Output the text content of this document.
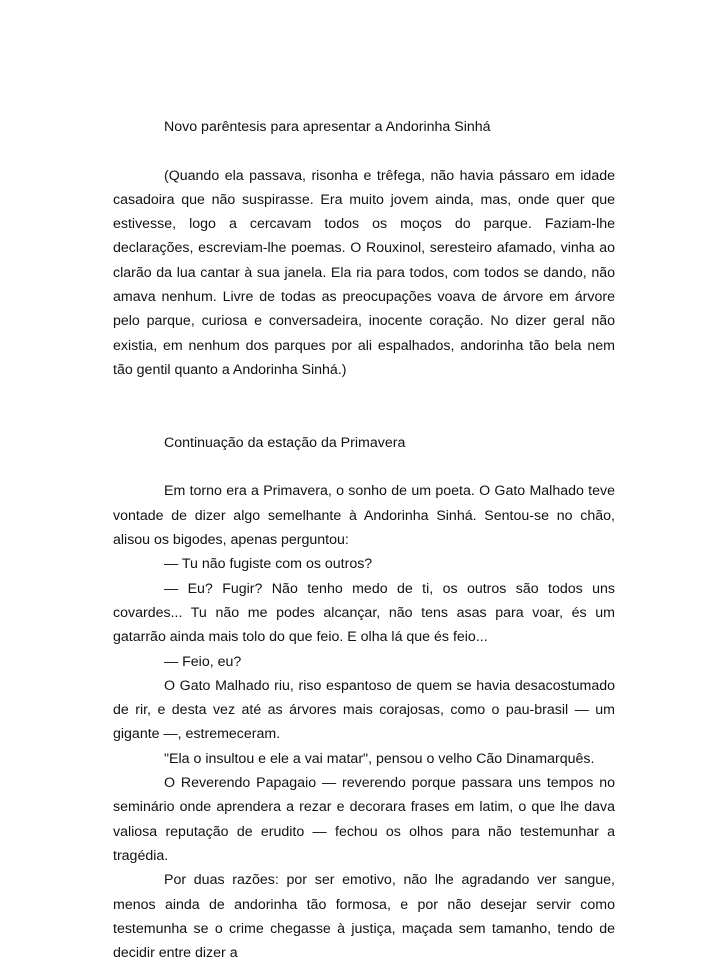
Novo parêntesis para apresentar a Andorinha Sinhá

(Quando ela passava, risonha e trêfega, não havia pássaro em idade casadoira que não suspirasse. Era muito jovem ainda, mas, onde quer que estivesse, logo a cercavam todos os moços do parque. Faziam-lhe declarações, escreviam-lhe poemas. O Rouxinol, seresteiro afamado, vinha ao clarão da lua cantar à sua janela. Ela ria para todos, com todos se dando, não amava nenhum. Livre de todas as preocupações voava de árvore em árvore pelo parque, curiosa e conversadeira, inocente coração. No dizer geral não existia, em nenhum dos parques por ali espalhados, andorinha tão bela nem tão gentil quanto a Andorinha Sinhá.)

Continuação da estação da Primavera

Em torno era a Primavera, o sonho de um poeta. O Gato Malhado teve vontade de dizer algo semelhante à Andorinha Sinhá. Sentou-se no chão, alisou os bigodes, apenas perguntou:

— Tu não fugiste com os outros?

— Eu? Fugir? Não tenho medo de ti, os outros são todos uns covardes... Tu não me podes alcançar, não tens asas para voar, és um gatarrão ainda mais tolo do que feio. E olha lá que és feio...

— Feio, eu?

O Gato Malhado riu, riso espantoso de quem se havia desacostumado de rir, e desta vez até as árvores mais corajosas, como o pau-brasil — um gigante —, estremeceram.

"Ela o insultou e ele a vai matar", pensou o velho Cão Dinamarquês.

O Reverendo Papagaio — reverendo porque passara uns tempos no seminário onde aprendera a rezar e decorara frases em latim, o que lhe dava valiosa reputação de erudito — fechou os olhos para não testemunhar a tragédia.

Por duas razões: por ser emotivo, não lhe agradando ver sangue, menos ainda de andorinha tão formosa, e por não desejar servir como testemunha se o crime chegasse à justiça, maçada sem tamanho, tendo de decidir entre dizer a
